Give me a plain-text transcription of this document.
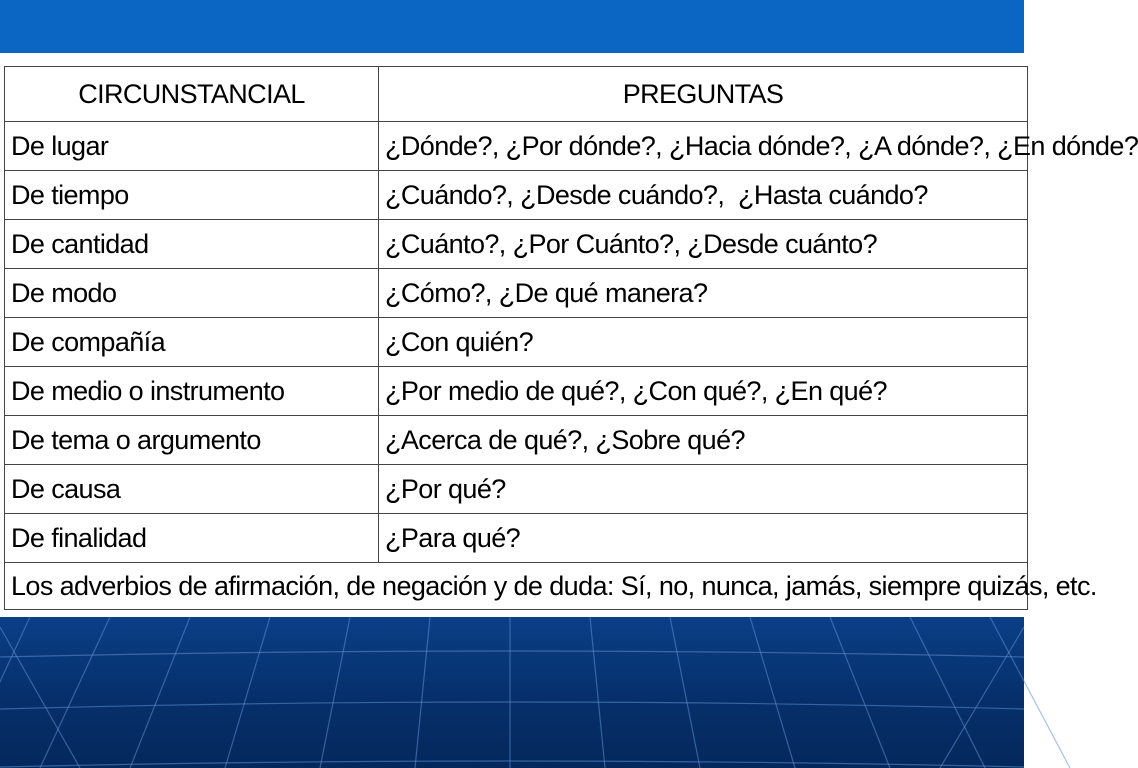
CIRCUNSTANCIAL	PREGUNTAS
De lugar	¿Dónde?, ¿Por dónde?, ¿Hacia dónde?, ¿A dónde?, ¿En dónde?
De tiempo	¿Cuándo?, ¿Desde cuándo?,  ¿Hasta cuándo?
De cantidad	¿Cuánto?, ¿Por Cuánto?, ¿Desde cuánto?
De modo	¿Cómo?, ¿De qué manera?
De compañía	¿Con quién?
De medio o instrumento	¿Por medio de qué?, ¿Con qué?, ¿En qué?
De tema o argumento	¿Acerca de qué?, ¿Sobre qué?
De causa	¿Por qué?
De finalidad	¿Para qué?
Los adverbios de afirmación, de negación y de duda: Sí, no, nunca, jamás, siempre quizás, etc.	
